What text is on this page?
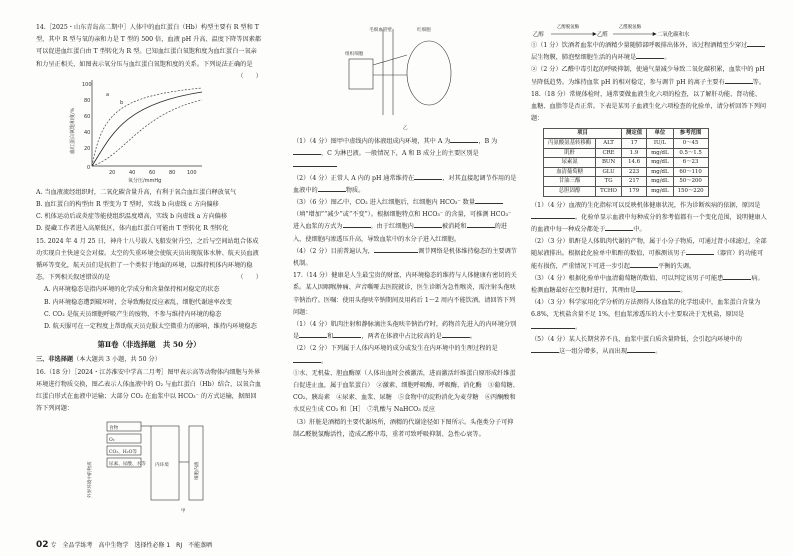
14.［2025・山东青岛高二期中］人体中的血红蛋白（Hb）构型主要有 R 型和 T 型，其中 R 型与氧的亲和力是 T 型的 500 倍，血液 pH 升高、温度下降等因素都可以促进血红蛋白由 T 型转化为 R 型。已知血红蛋白氧饱和度为血红蛋白一氧亲和力呈正相关，如图表示氧分压与血红蛋白氧饱和度的关系。下列说法正确的是
（　　）

100
80
60
40
20
0
20	40	60	80 100
氧分压/mmHg
a
b
血红蛋白氧饱和度/%

A. 当血液流经组织时，二氧化碳含量升高，有利于氧合血红蛋白释放氧气

B. 血红蛋白的构型由 R 型变为 T 型时，实线 b 向虚线 c 方向偏移

C. 机体运动后或炎症等能使组织温度增高，实线 b 向虚线 a 方向偏移

D. 提藏工作者进入高原低区，体内血红蛋白可能由 T 型转化 R 型转化

15. 2024 年 4 月 25 日，神舟十八号载人飞船发射升空，之后与空间站组合体成功实现自主快速交会对接。太空的失重环境会使航天员出现航体水肿、航天员血液循环等变化，航天员们是抗拒了一个类似于地面的环境，以维持机体内环境的稳态。下列相关叙述错误的是	（　　）

A. 内环境稳态是指内环境的化学成分和含量保持相对稳定的状态

B. 内环境稳态遭到破坏时，会导致酶促反应紊乱，细胞代谢速率改变

C. CO₂ 是航天员细胞呼吸产生的废物，不参与维持内环境的稳态

D. 航天服可在一定程度上帮助航天员克服太空微重力的影响，维持内环境稳态

第Ⅱ卷（非选择题　共 50 分）

三、非选择题（本大题共 3 小题，共 50 分）

16.（18 分）［2024・江苏淮安中学高二月考］图甲表示高等动物体内细胞与外界环境进行物质交换，图乙表示人体血液中的 O₂ 与血红蛋白（Hb）结合，以氧合血红蛋白形式在血液中运输；大部分 CO₂ 在血浆中以 HCO₃⁻ 的方式运输，据图回答下列问题：

食物
O₂
CO₂、H₂O等
尿素、尿酸、水等 内环境
甲
外界环境中的物质	细胞内液
毛细血管壁	红细胞
组织细胞
乙

（1）（4 分）图甲中虚线内的体液组成内环境，其中 A 为	，B 为，C 为淋巴液。一般情况下，A 和 B 成分上的主要区别是

（2）（4 分）正常人 A 内的 pH 通常维持在	，对其直接起调节作用的是血液中的	物质。

（3）（6 分）图乙中，CO₂ 进入红细胞后，红细胞内 HCO₃⁻ 数量（填“增加”“减少”或“不变”）。根据细胞特点和 HCO₃⁻ 的含量，可推测 HCO₃⁻ 进入血浆的方式为	。由于红细胞内	被消耗和	的进入，使细胞内渗透压升高，导致血浆中的水分子进入红细胞。

（4）（2 分）目前普遍认为，	调节网络是机体维持稳态的主要调节机制。

17.（14 分）健康是人生最宝贵的财富，内环境稳态的维持与人体健康有密切的关系。某人因咽喉肿痛、声音嘶哑去医院就诊，医生诊断为急性喉炎，需注射头孢呋辛钠治疗。医嘱：使用头孢呋辛钠期间及用药后 1～2 周内不能饮酒。请回答下列问题：

（1）（4 分）肌肉注射和静脉滴注头孢呋辛钠治疗时，药物首先进入的内环境分别是	和	，两者在体液中占比较高的是	。

（2）（2 分）下列属于人体内环境的成分或发生在内环境中的生理过程的是。

①水、无机盐、胆血酶原（人体出血时会被激活，进而激活纤维蛋白原形成纤维蛋白促进止血，属于血浆蛋白）　②激素、细胞呼吸酶、呼吸酶、消化酶　③葡萄糖、CO₂、胰岛素　④尿素、血浆、尿糖　⑤食物中的淀粉消化为麦芽糖　⑥丙酮酸和水反应生成 CO₂ 和［H］　⑦乳酸与 NaHCO₃ 反应

（3）肝脏是酒精的主要代谢场所，酒精的代谢途径如下图所示。头孢类分子可抑制乙醛脱氢酶活性，造成乙醛中毒，重者可致呼吸抑制、急性心衰等。

乙醇
乙醇脱氢酶
乙醛
乙醛脱氢酶
二氧化碳和水

①（1 分）饮酒者血浆中的酒精少量随肺部呼吸排出体外，该过程酒精至少穿过层生物膜，肺泡壁细胞生活的内环境是	。

②（2 分）乙醛中毒引起的呼吸抑制，使通气量减少导致二氧化碳积累，血浆中的 pH 呈降低趋势。为维持血浆 pH 的相对稳定，参与调节 pH 的离子主要有	等。

18.（18 分）常规体检时，通常要做血液生化六项的检查，以了解肝功能、肾功能、血糖、血脂等是否正常。下表是某男子血液生化六项检查的化验单，请分析回答下列问题：

项目		测定值	单位	参考范围
丙氨酸氨基转移酶	ALT	17	IU/L	0～45
肌酐	CRE	1.9	mg/dL	0.5～1.5
尿素氮	BUN	14.6	mg/dL	6～23
血清葡萄糖	GLU	223	mg/dL	60～110
甘油三酯	TG	217	mg/dL	50～200
总胆固醇	TCHO	179	mg/dL	150～220

（1）（4 分）血液的生化指标可以反映机体健康状况，作为诊断疾病的依据，原因是。化验单显示血液中每种成分的参考值都有一个变化范围，说明健康人的血液中每一种成分都处于	中。

（2）（3 分）肌酐是人体肌肉代谢的产物，属于小分子物质，可通过肾小球滤过，全部随尿液排出。根据此化验单中肌酐的数值，可推测该男子	（器官）的功能可能有损伤，严重情况下可进一步引起	平衡的失调。

（3）（4 分）根据化验单中血清葡萄糖的数值，可以判定该男子可能患	病。检测血糖最好在空腹时进行，其理由是	。

（4）（3 分）科学家用化学分析的方法测得人体血浆的化学组成中，血浆蛋白含量为 6.8%，无机盐含量不足 1%，但血浆渗透压的大小主要取决于无机盐，原因是。

（5）（4 分）某人长期营养不良，血浆中蛋白质含量降低，会引起内环境中的这一组分增多，从而出现	。

02 专　全品学练考　高中生物学　选择性必修 1　RJ　不能蒸晒
